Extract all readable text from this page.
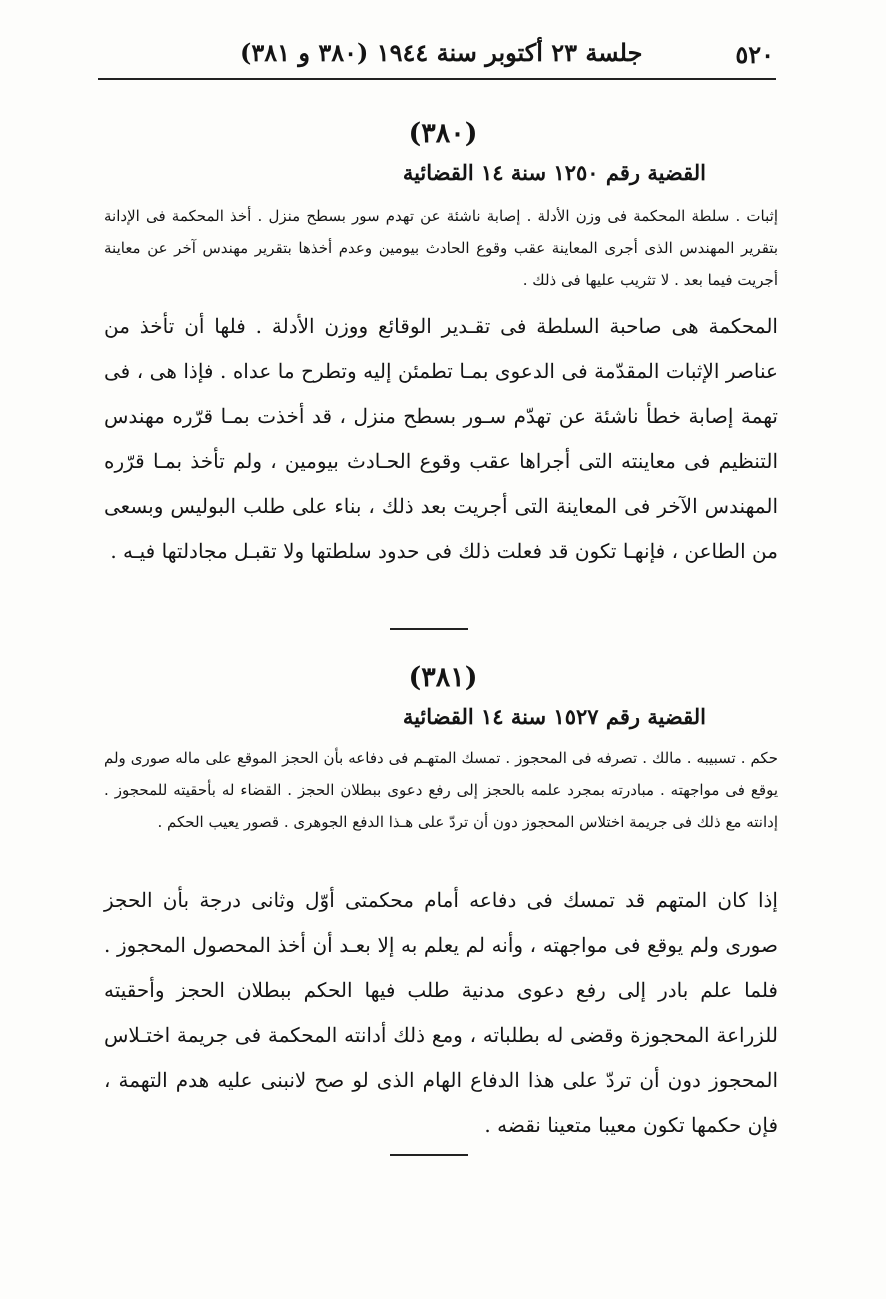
٥٢٠
جلسة ٢٣ أكتوبر سنة ١٩٤٤ (٣٨٠ و ٣٨١)
(٣٨٠)
القضية رقم ١٢٥٠ سنة ١٤ القضائية
إثبات . سلطة المحكمة فى وزن الأدلة . إصابة ناشئة عن تهدم سور بسطح منزل . أخذ المحكمة فى الإدانة بتقرير المهندس الذى أجرى المعاينة عقب وقوع الحادث بيومين وعدم أخذها بتقرير مهندس آخر عن معاينة أجريت فيما بعد . لا تثريب عليها فى ذلك .
المحكمة هى صاحبة السلطة فى تقـدير الوقائع ووزن الأدلة . فلها أن تأخذ من عناصر الإثبات المقدّمة فى الدعوى بمـا تطمئن إليه وتطرح ما عداه . فإذا هى ، فى تهمة إصابة خطأ ناشئة عن تهدّم سـور بسطح منزل ، قد أخذت بمـا قرّره مهندس التنظيم فى معاينته التى أجراها عقب وقوع الحـادث بيومين ، ولم تأخذ بمـا قرّره المهندس الآخر فى المعاينة التى أجريت بعد ذلك ، بناء على طلب البوليس وبسعى من الطاعن ، فإنهـا تكون قد فعلت ذلك فى حدود سلطتها ولا تقبـل مجادلتها فيـه .
(٣٨١)
القضية رقم ١٥٢٧ سنة ١٤ القضائية
حكم . تسبيبه . مالك . تصرفه فى المحجوز . تمسك المتهـم فى دفاعه بأن الحجز الموقع على ماله صورى ولم يوقع فى مواجهته . مبادرته بمجرد علمه بالحجز إلى رفع دعوى ببطلان الحجز . القضاء له بأحقيته للمحجوز . إدانته مع ذلك فى جريمة اختلاس المحجوز دون أن تردّ على هـذا الدفع الجوهرى . قصور يعيب الحكم .
إذا كان المتهم قد تمسك فى دفاعه أمام محكمتى أوّل وثانى درجة بأن الحجز صورى ولم يوقع فى مواجهته ، وأنه لم يعلم به إلا بعـد أن أخذ المحصول المحجوز . فلما علم بادر إلى رفع دعوى مدنية طلب فيها الحكم ببطلان الحجز وأحقيته للزراعة المحجوزة وقضى له بطلباته ، ومع ذلك أدانته المحكمة فى جريمة اختـلاس المحجوز دون أن تردّ على هذا الدفاع الهام الذى لو صح لانبنى عليه هدم التهمة ، فإن حكمها تكون معيبا متعينا نقضه .
